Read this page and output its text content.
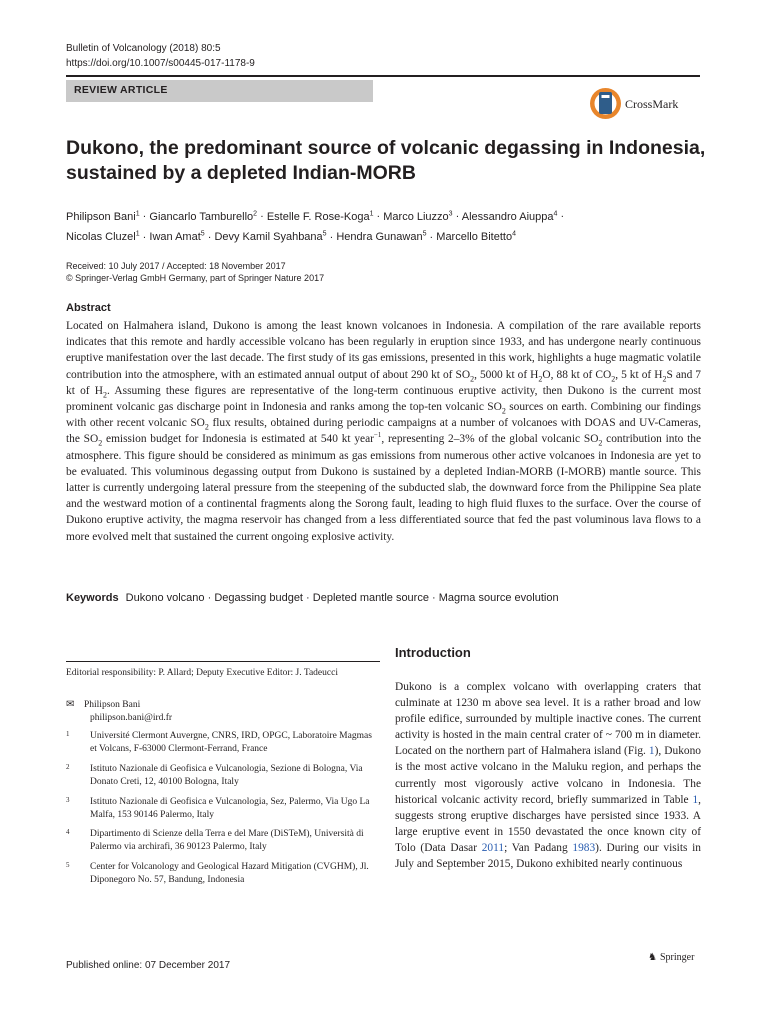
Bulletin of Volcanology (2018) 80:5
https://doi.org/10.1007/s00445-017-1178-9
REVIEW ARTICLE
CrossMark
Dukono, the predominant source of volcanic degassing in Indonesia, sustained by a depleted Indian-MORB
Philipson Bani$^1$ · Giancarlo Tamburello$^2$ · Estelle F. Rose-Koga$^1$ · Marco Liuzzo$^3$ · Alessandro Aiuppa$^4$ ·
Nicolas Cluzel$^1$ · Iwan Amat$^5$ · Devy Kamil Syahbana$^5$ · Hendra Gunawan$^5$ · Marcello Bitetto$^4$
Received: 10 July 2017 / Accepted: 18 November 2017
© Springer-Verlag GmbH Germany, part of Springer Nature 2017
Abstract
Located on Halmahera island, Dukono is among the least known volcanoes in Indonesia. A compilation of the rare available reports indicates that this remote and hardly accessible volcano has been regularly in eruption since 1933, and has undergone nearly continuous eruptive manifestation over the last decade. The first study of its gas emissions, presented in this work, highlights a huge magmatic volatile contribution into the atmosphere, with an estimated annual output of about 290 kt of $SO_2$, 5000 kt of $H_2O$, 88 kt of $CO_2$, 5 kt of $H_2S$ and 7 kt of $H_2$. Assuming these figures are representative of the long-term continuous eruptive activity, then Dukono is the current most prominent volcanic gas discharge point in Indonesia and ranks among the top-ten volcanic $SO_2$ sources on earth. Combining our findings with other recent volcanic $SO_2$ flux results, obtained during periodic campaigns at a number of volcanoes with DOAS and UV-Cameras, the $SO_2$ emission budget for Indonesia is estimated at 540 kt year$^{-1}$, representing 2–3% of the global volcanic $SO_2$ contribution into the atmosphere. This figure should be considered as minimum as gas emissions from numerous other active volcanoes in Indonesia are yet to be evaluated. This voluminous degassing output from Dukono is sustained by a depleted Indian-MORB (I-MORB) mantle source. This latter is currently undergoing lateral pressure from the steepening of the subducted slab, the downward force from the Philippine Sea plate and the westward motion of a continental fragments along the Sorong fault, leading to high fluid fluxes to the surface. Over the course of Dukono eruptive activity, the magma reservoir has changed from a less differentiated source that fed the past voluminous lava flows to a more evolved melt that sustained the current ongoing explosive activity.
Keywords Dukono volcano · Degassing budget · Depleted mantle source · Magma source evolution
Editorial responsibility: P. Allard; Deputy Executive Editor: J. Tadeucci
✉ Philipson Bani
philipson.bani@ird.fr
1 Université Clermont Auvergne, CNRS, IRD, OPGC, Laboratoire Magmas et Volcans, F-63000 Clermont-Ferrand, France
2 Istituto Nazionale di Geofisica e Vulcanologia, Sezione di Bologna, Via Donato Creti, 12, 40100 Bologna, Italy
3 Istituto Nazionale di Geofisica e Vulcanologia, Sez, Palermo, Via Ugo La Malfa, 153 90146 Palermo, Italy
4 Dipartimento di Scienze della Terra e del Mare (DiSTeM), Università di Palermo via archirafi, 36 90123 Palermo, Italy
5 Center for Volcanology and Geological Hazard Mitigation (CVGHM), Jl. Diponegoro No. 57, Bandung, Indonesia
Introduction
Dukono is a complex volcano with overlapping craters that culminate at 1230 m above sea level. It is a rather broad and low profile edifice, surrounded by multiple inactive cones. The current activity is hosted in the main central crater of ~ 700 m in diameter. Located on the northern part of Halmahera island (Fig. 1), Dukono is the most active volcano in the Maluku region, and perhaps the currently most vigorously active volcano in Indonesia. The historical volcanic activity record, briefly summarized in Table 1, suggests strong eruptive discharges have persisted since 1933. A large eruptive event in 1550 devastated the once known city of Tolo (Data Dasar 2011; Van Padang 1983). During our visits in July and September 2015, Dukono exhibited nearly continuous
Published online: 07 December 2017
♞ Springer
